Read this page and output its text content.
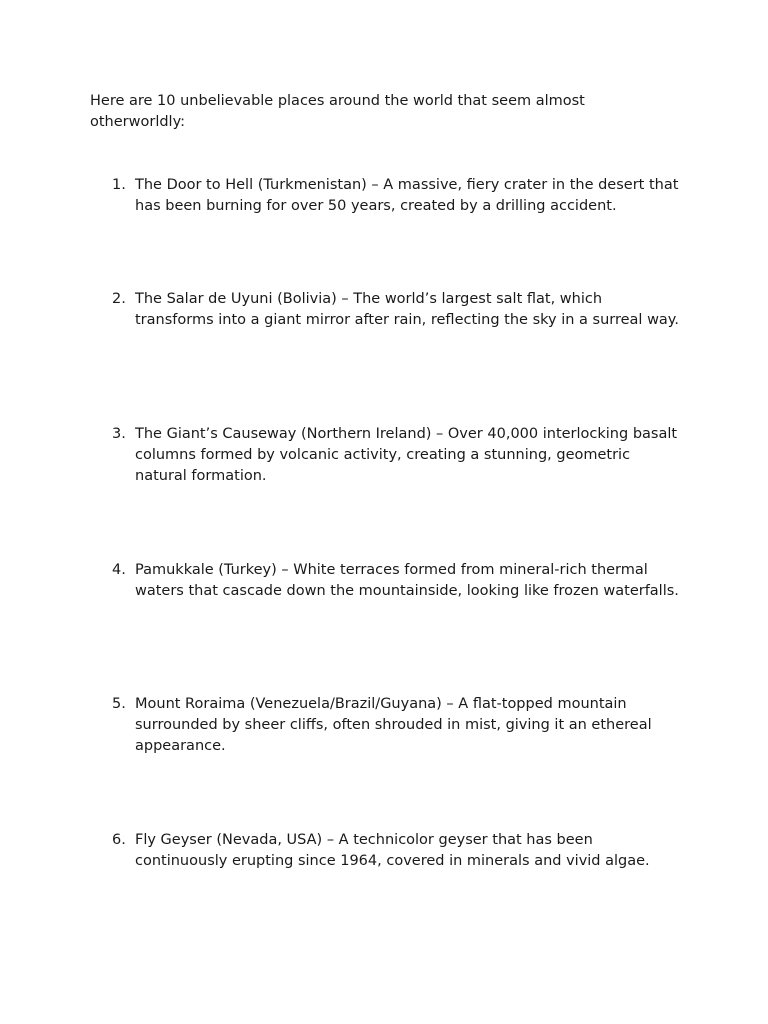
Here are 10 unbelievable places around the world that seem almost otherworldly:

1. The Door to Hell (Turkmenistan) – A massive, fiery crater in the desert that has been burning for over 50 years, created by a drilling accident.

2. The Salar de Uyuni (Bolivia) – The world’s largest salt flat, which transforms into a giant mirror after rain, reflecting the sky in a surreal way.

3. The Giant’s Causeway (Northern Ireland) – Over 40,000 interlocking basalt columns formed by volcanic activity, creating a stunning, geometric natural formation.

4. Pamukkale (Turkey) – White terraces formed from mineral-rich thermal waters that cascade down the mountainside, looking like frozen waterfalls.

5. Mount Roraima (Venezuela/Brazil/Guyana) – A flat-topped mountain surrounded by sheer cliffs, often shrouded in mist, giving it an ethereal appearance.

6. Fly Geyser (Nevada, USA) – A technicolor geyser that has been continuously erupting since 1964, covered in minerals and vivid algae.
